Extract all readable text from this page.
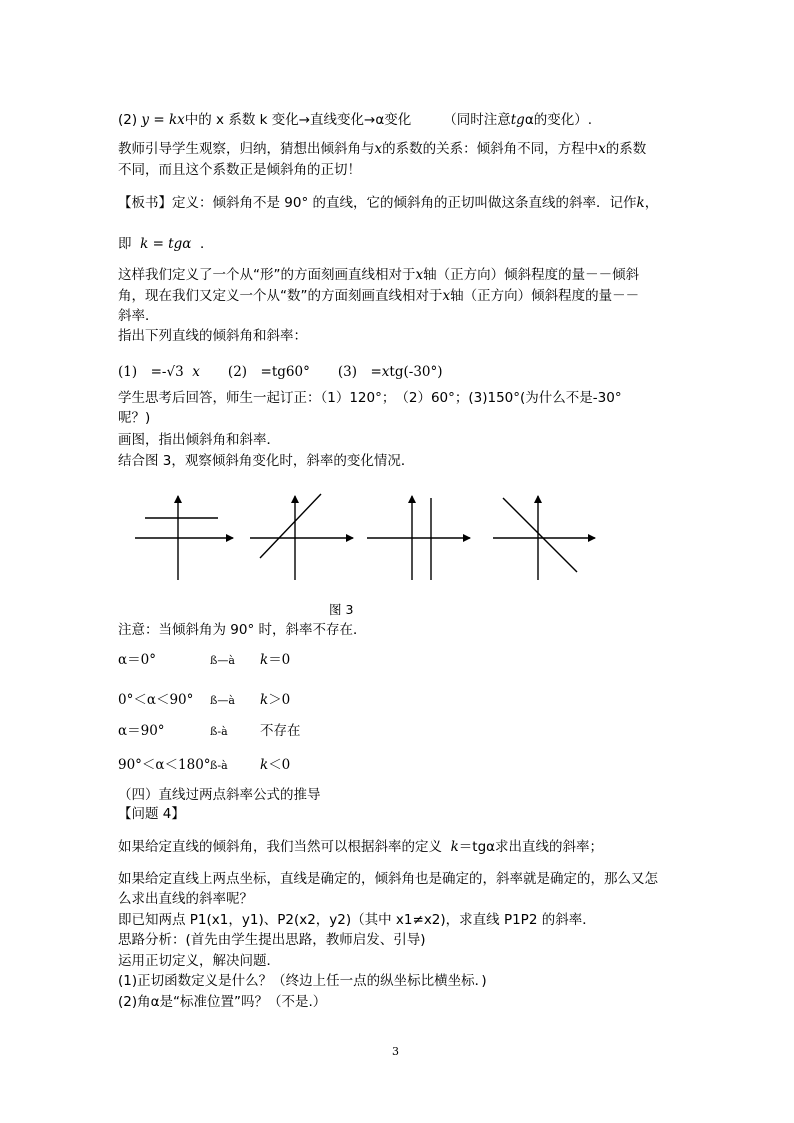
(2) y = kx中的 x 系数 k 变化→直线变化→α变化 （同时注意tgα的变化）.
教师引导学生观察，归纳，猜想出倾斜角与x的系数的关系：倾斜角不同，方程中x的系数
不同，而且这个系数正是倾斜角的正切！
【板书】定义：倾斜角不是 90° 的直线，它的倾斜角的正切叫做这条直线的斜率．记作k，
即 k = tgα ．
这样我们定义了一个从“形”的方面刻画直线相对于x轴（正方向）倾斜程度的量－－倾斜
角，现在我们又定义一个从“数”的方面刻画直线相对于x轴（正方向）倾斜程度的量－－
斜率．
指出下列直线的倾斜角和斜率：
(1)　=-√3 x (2)　=tg60° (3)　=xtg(-30°)
学生思考后回答，师生一起订正：（1）120°；　（2）60°；(3)150°(为什么不是-30°
呢？)
画图，指出倾斜角和斜率．
结合图 3，观察倾斜角变化时，斜率的变化情况．
图 3
注意：当倾斜角为 90° 时，斜率不存在．
α＝0°	ß—à k＝0
0°＜α＜90° ß—à k＞0
α＝90°	ß-à 不存在
90°＜α＜180°ß-à k＜0
（四）直线过两点斜率公式的推导
【问题 4】
如果给定直线的倾斜角，我们当然可以根据斜率的定义 k＝tgα求出直线的斜率；
如果给定直线上两点坐标，直线是确定的，倾斜角也是确定的，斜率就是确定的，那么又怎
么求出直线的斜率呢？
即已知两点 P1(x1，y1)、P2(x2，y2)（其中 x1≠x2)，求直线 P1P2 的斜率．
思路分析：(首先由学生提出思路，教师启发、引导)
运用正切定义，解决问题．
(1)正切函数定义是什么？（终边上任一点的纵坐标比横坐标．)
(2)角α是“标准位置”吗？（不是.）
3
